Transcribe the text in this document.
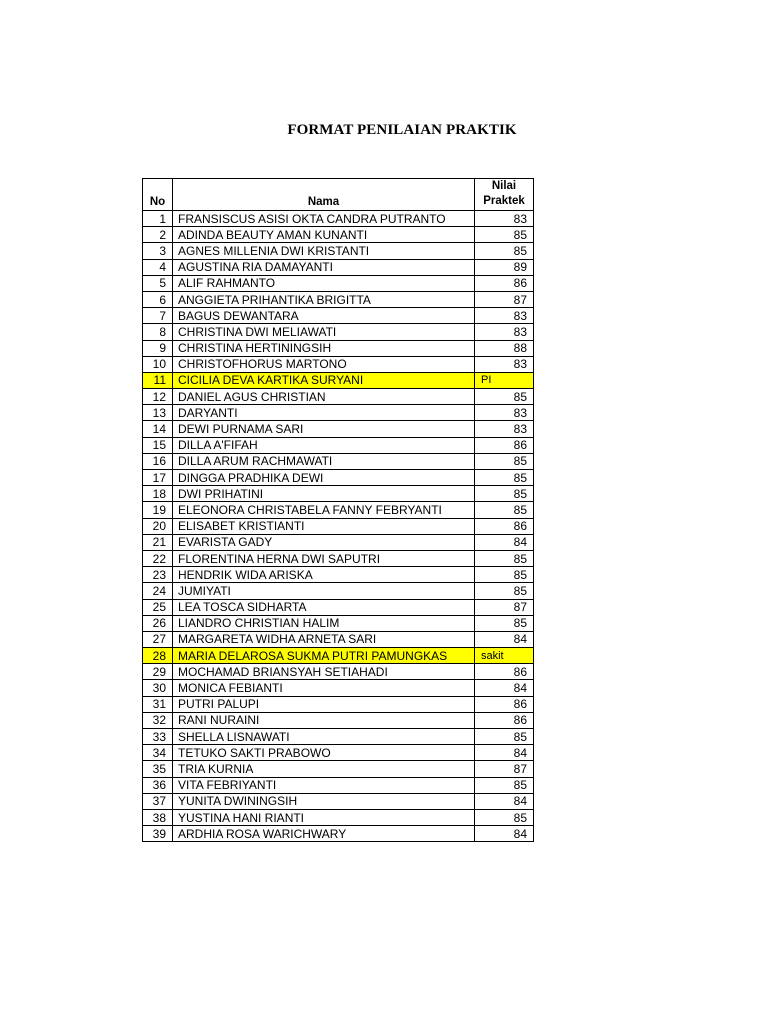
FORMAT PENILAIAN PRAKTIK
No	Nama	Nilai Praktek
1	FRANSISCUS ASISI OKTA CANDRA PUTRANTO	83
2	ADINDA BEAUTY AMAN KUNANTI	85
3	AGNES MILLENIA DWI KRISTANTI	85
4	AGUSTINA RIA DAMAYANTI	89
5	ALIF RAHMANTO	86
6	ANGGIETA PRIHANTIKA BRIGITTA	87
7	BAGUS DEWANTARA	83
8	CHRISTINA DWI MELIAWATI	83
9	CHRISTINA HERTININGSIH	88
10	CHRISTOFHORUS MARTONO	83
11	CICILIA DEVA KARTIKA SURYANI	PI
12	DANIEL AGUS CHRISTIAN	85
13	DARYANTI	83
14	DEWI PURNAMA SARI	83
15	DILLA A'FIFAH	86
16	DILLA ARUM RACHMAWATI	85
17	DINGGA PRADHIKA DEWI	85
18	DWI PRIHATINI	85
19	ELEONORA CHRISTABELA FANNY FEBRYANTI	85
20	ELISABET KRISTIANTI	86
21	EVARISTA GADY	84
22	FLORENTINA HERNA DWI SAPUTRI	85
23	HENDRIK WIDA ARISKA	85
24	JUMIYATI	85
25	LEA TOSCA SIDHARTA	87
26	LIANDRO CHRISTIAN HALIM	85
27	MARGARETA WIDHA ARNETA SARI	84
28	MARIA DELAROSA SUKMA PUTRI PAMUNGKAS	sakit
29	MOCHAMAD BRIANSYAH SETIAHADI	86
30	MONICA FEBIANTI	84
31	PUTRI PALUPI	86
32	RANI NURAINI	86
33	SHELLA LISNAWATI	85
34	TETUKO SAKTI PRABOWO	84
35	TRIA KURNIA	87
36	VITA FEBRIYANTI	85
37	YUNITA DWININGSIH	84
38	YUSTINA HANI RIANTI	85
39	ARDHIA ROSA WARICHWARY	84
